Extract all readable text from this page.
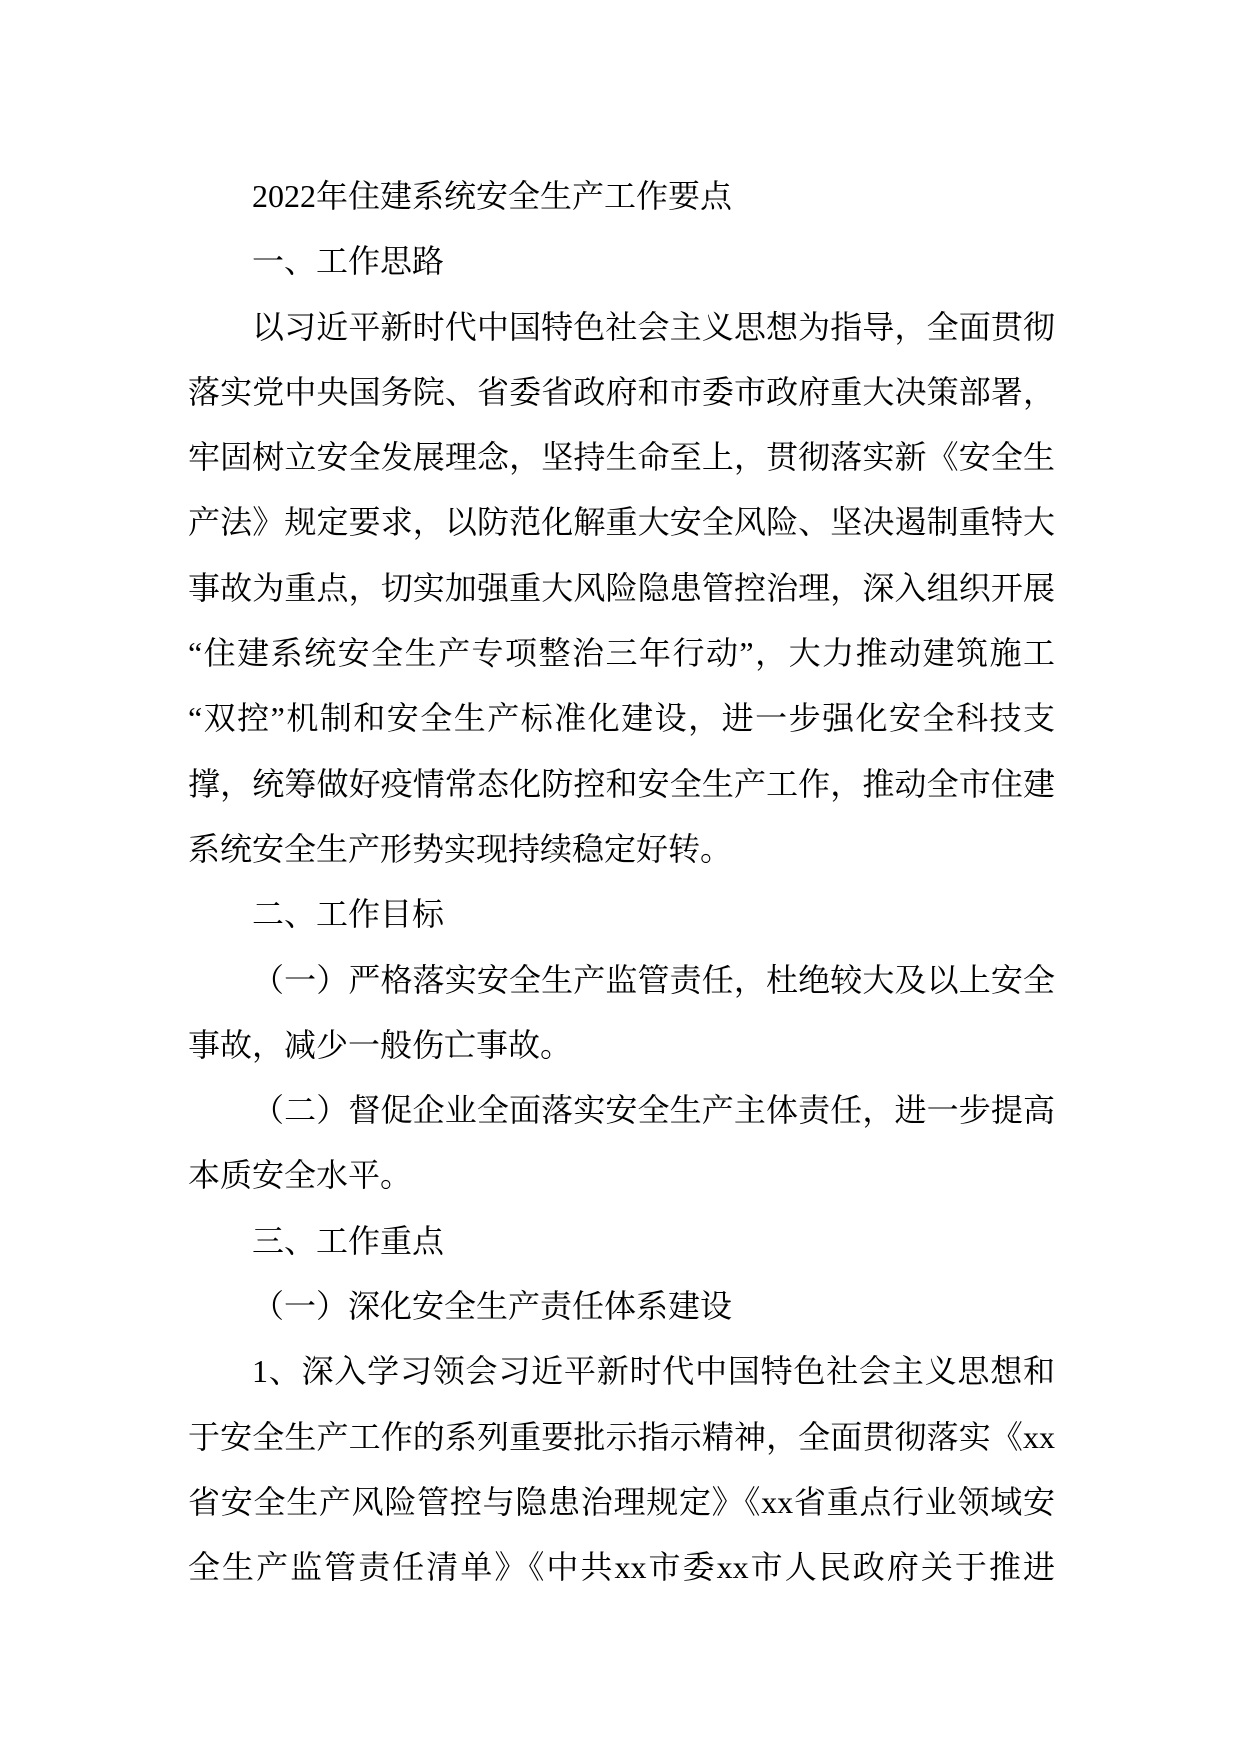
2022年住建系统安全生产工作要点
一、工作思路
以习近平新时代中国特色社会主义思想为指导，全面贯彻
落实党中央国务院、省委省政府和市委市政府重大决策部署，
牢固树立安全发展理念，坚持生命至上，贯彻落实新《安全生
产法》规定要求，以防范化解重大安全风险、坚决遏制重特大
事故为重点，切实加强重大风险隐患管控治理，深入组织开展
“住建系统安全生产专项整治三年行动”，大力推动建筑施工
“双控”机制和安全生产标准化建设，进一步强化安全科技支
撑，统筹做好疫情常态化防控和安全生产工作，推动全市住建
系统安全生产形势实现持续稳定好转。
二、工作目标
（一）严格落实安全生产监管责任，杜绝较大及以上安全
事故，减少一般伤亡事故。
（二）督促企业全面落实安全生产主体责任，进一步提高
本质安全水平。
三、工作重点
（一）深化安全生产责任体系建设
1、深入学习领会习近平新时代中国特色社会主义思想和
于安全生产工作的系列重要批示指示精神，全面贯彻落实《xx
省安全生产风险管控与隐患治理规定》《xx省重点行业领域安
全生产监管责任清单》《中共xx市委xx市人民政府关于推进
